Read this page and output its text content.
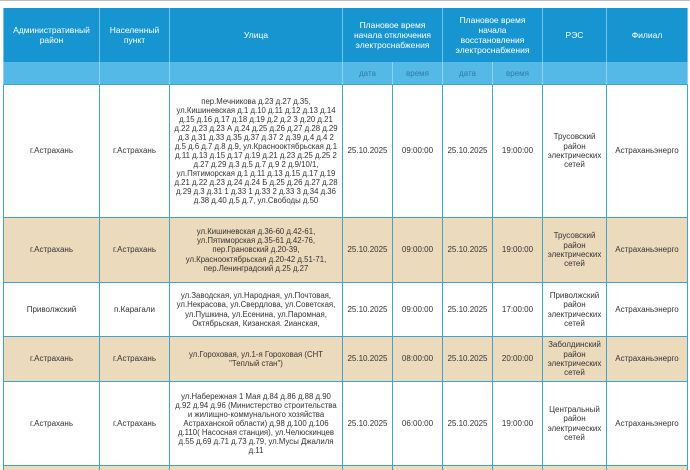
Административный район	Населенный пункт	Улица	Плановое время начала отключения электроснабжения		Плановое время начала восстановления электроснабжения		РЭС	Филиал
			дата	время	дата	время		
г.Астрахань	г.Астрахань	пер.Мечникова д.23 д.27 д.35, ул.Кишиневская д.1 д.10 д.11 д.12 д.13 д.14 д.15 д.16 д.17 д.18 д.19 д.2 д.2 3 д.20 д.21 д.22 д.23 д.23 А д.24 д.25 д.26 д.27 д.28 д.29 д.3 д.31 д.33 д.35 д.37 д.37 2 д.39 д.4 д.4 2 д.5 д.6 д.7 д.8 д.9, ул.Краснооктябрьская д.1 д.11 д.13 д.15 д.17 д.19 д.21 д.23 д.25 д.25 2 д.27 д.29 д.3 д.5 д.7 д.9 2 д.9/10/1, ул.Пятиморская д.1 д.11 д.13 д.15 д.17 д.19 д.21 д.22 д.23 д.24 д.24 Б д.25 д.26 д.27 д.28 д.29 д.3 д.31 1 д.33 1 д.33 2 д.33 3 д.34 д.36 д.38 д.40 д.5 д.7, ул.Свободы д.50	25.10.2025	09:00:00	25.10.2025	19:00:00	Трусовский район электрических сетей	Астраханьэнерго
г.Астрахань	г.Астрахань	ул.Кишиневская д.36-60 д.42-61, ул.Пятиморская д.35-61 д.42-76, пер.Грановский д.20-39, ул.Краснооктябрьская д.20-42 д.51-71, пер.Ленинградский д.25 д.27	25.10.2025	09:00:00	25.10.2025	19:00:00	Трусовский район электрических сетей	Астраханьэнерго
Приволжский	п.Карагали	ул.Заводская, ул.Народная, ул.Почтовая, ул.Некрасова, ул.Свердлова, ул.Советская, ул.Пушкина, ул.Есенина, ул.Паромная, Октябрьская, Кизанская. 2ианская,	25.10.2025	09:00:00	25.10.2025	17:00:00	Приволжский район электрических сетей	Астраханьэнерго
г.Астрахань	г.Астрахань	ул.Гороховая, ул.1-я Гороховая (СНТ "Теплый стан")	25.10.2025	08:00:00	25.10.2025	20:00:00	Заболдинский район электрических сетей	Астраханьэнерго
г.Астрахань	г.Астрахань	ул.Набережная 1 Мая д.84 д.86 д.88 д.90 д.92 д.94 д.96 (Министерство строительства и жилищно-коммунального хозяйства Астраханской области) д.98 д.100 д.106 д.110( Насосная станция), ул.Челюскинцев д.55 д.69 д.71 д.73 д.79, ул.Мусы Джалиля д.11	25.10.2025	06:00:00	25.10.2025	19:00:00	Центральный район электрических сетей	Астраханьэнерго
